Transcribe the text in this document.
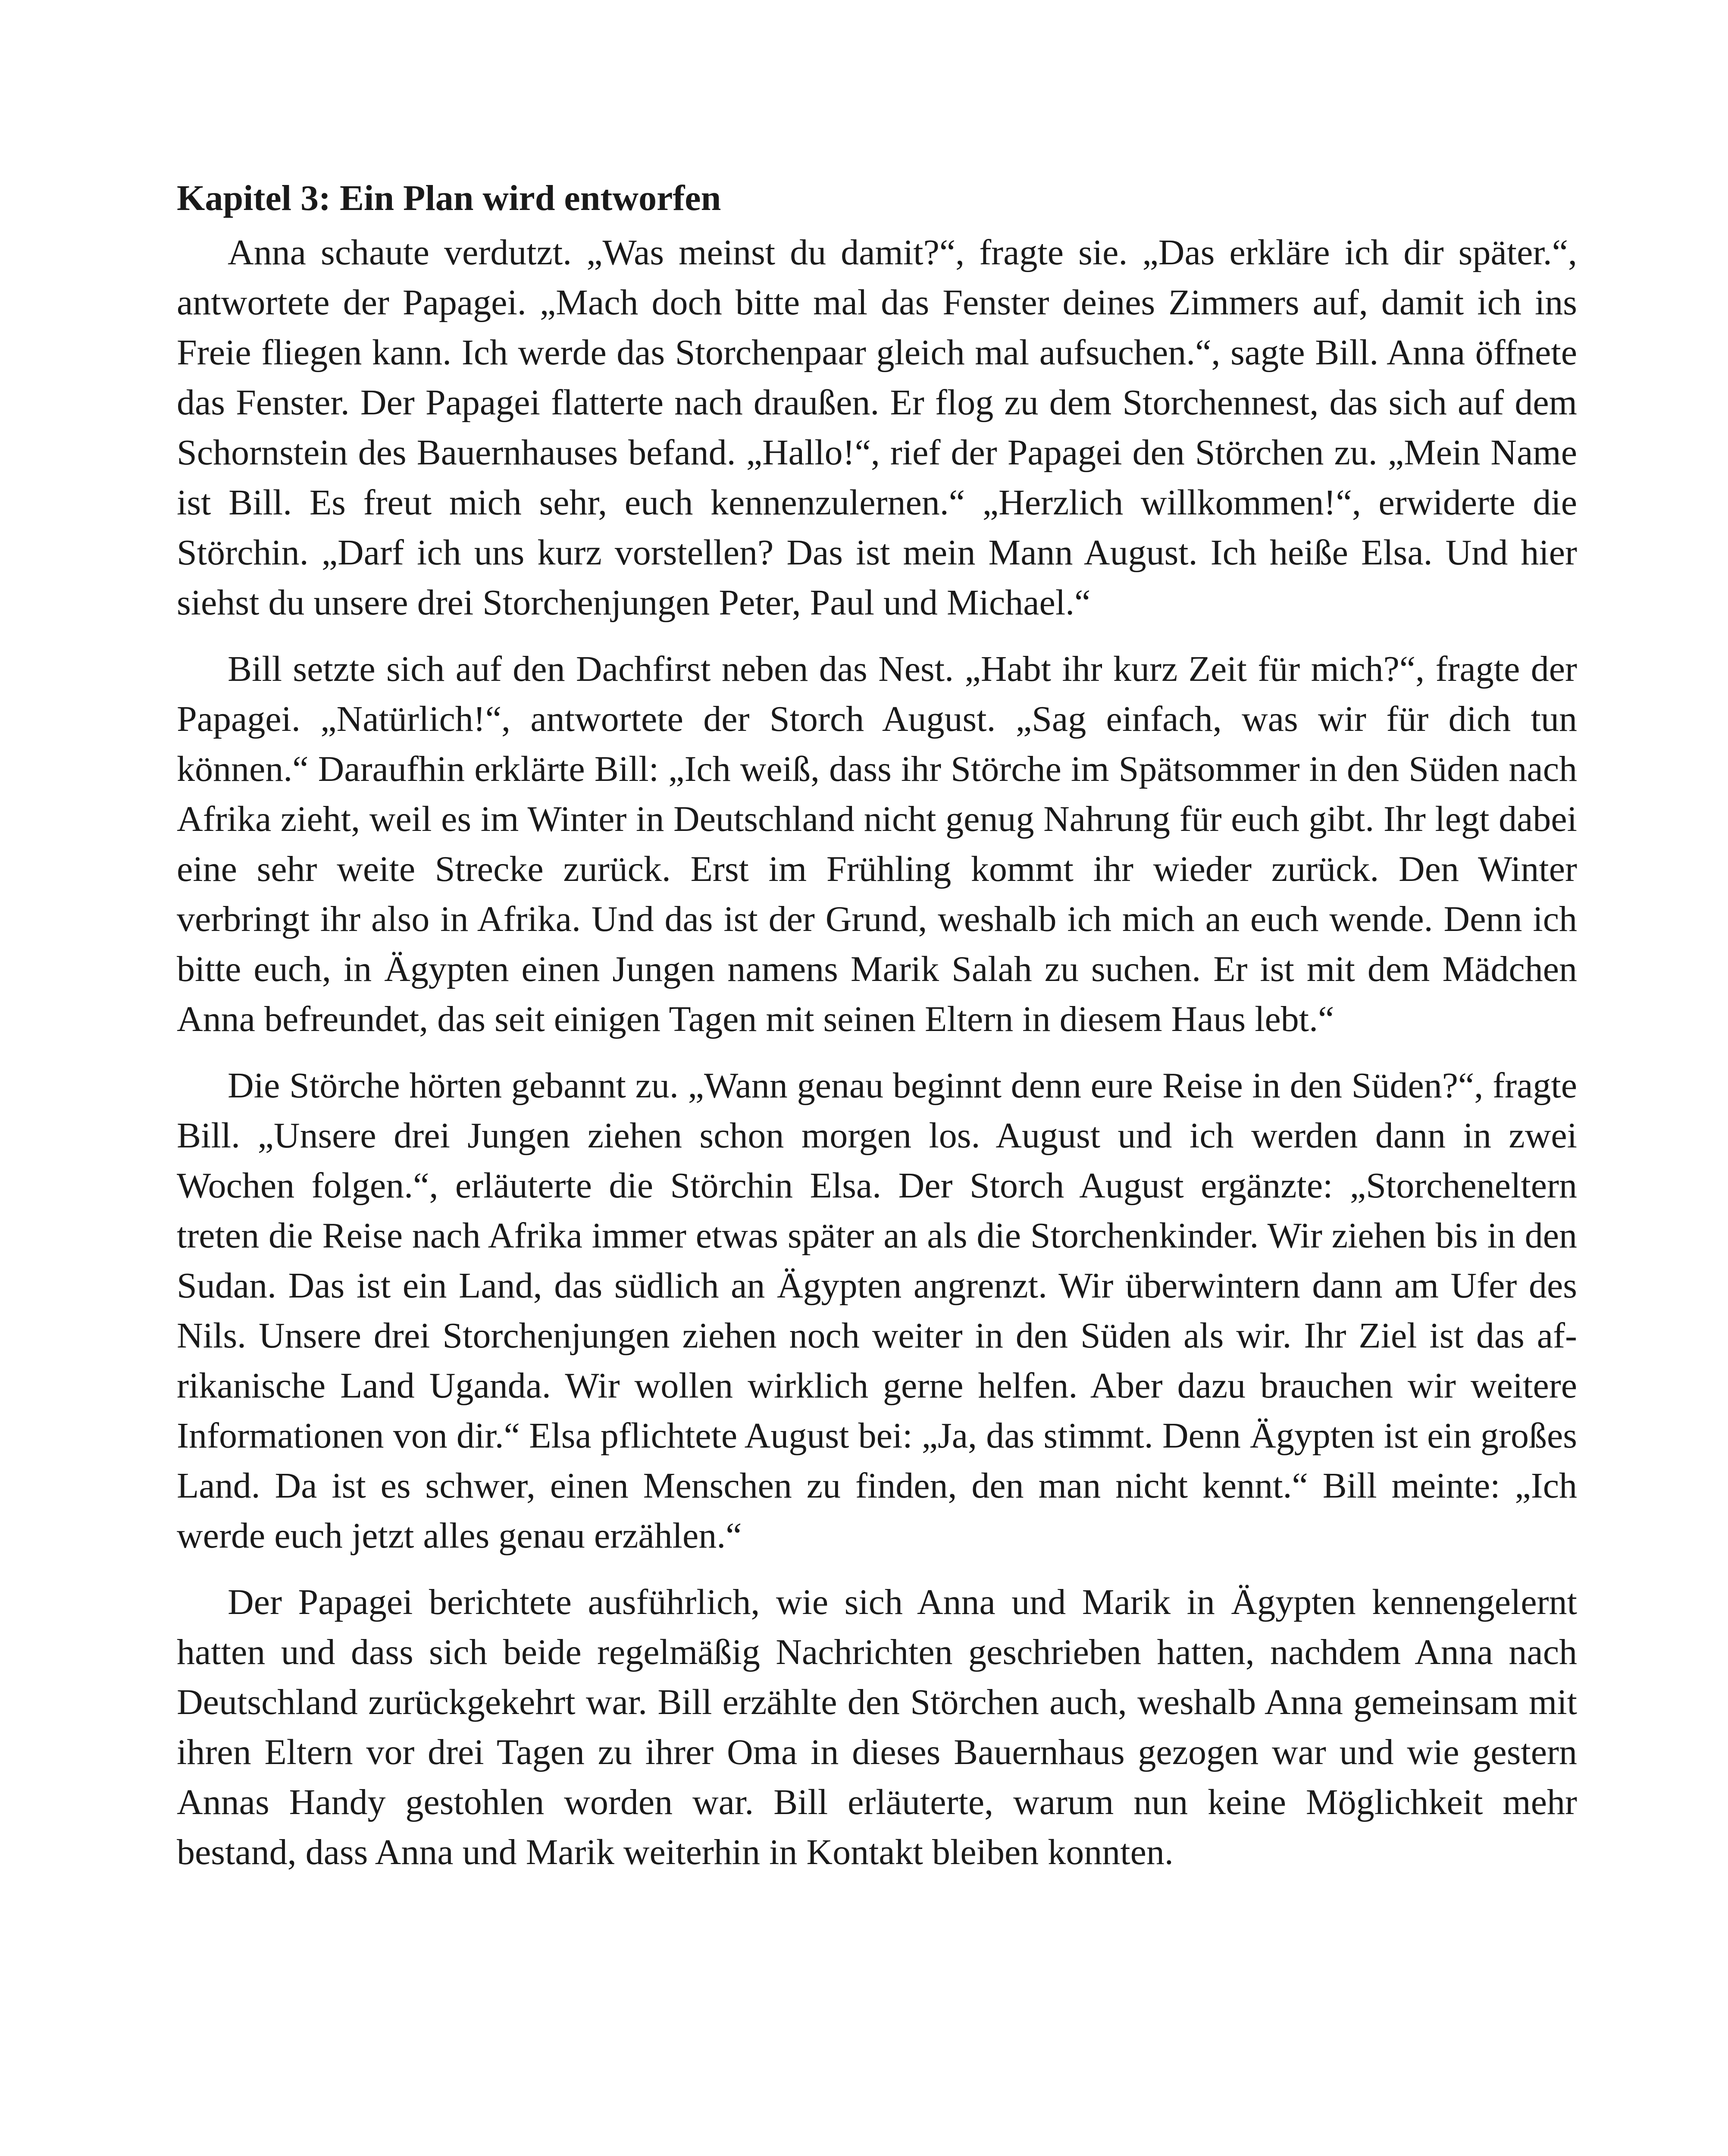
Kapitel 3: Ein Plan wird entworfen

Anna schaute verdutzt. „Was meinst du damit?“, fragte sie. „Das erkläre ich dir später.“, antwortete der Papagei. „Mach doch bitte mal das Fenster deines Zimmers auf, damit ich ins Freie fliegen kann. Ich werde das Storchenpaar gleich mal aufsuchen.“, sagte Bill. Anna öffnete das Fenster. Der Papagei flatterte nach draußen. Er flog zu dem Storchennest, das sich auf dem Schornstein des Bauernhauses befand. „Hallo!“, rief der Papagei den Störchen zu. „Mein Name ist Bill. Es freut mich sehr, euch kennenzulernen.“ „Herzlich willkommen!“, erwiderte die Störchin. „Darf ich uns kurz vorstellen? Das ist mein Mann August. Ich heiße Elsa. Und hier siehst du unsere drei Storchenjungen Peter, Paul und Michael.“

Bill setzte sich auf den Dachfirst neben das Nest. „Habt ihr kurz Zeit für mich?“, fragte der Papagei. „Natürlich!“, antwortete der Storch August. „Sag einfach, was wir für dich tun können.“ Daraufhin erklärte Bill: „Ich weiß, dass ihr Störche im Spätsommer in den Süden nach Afrika zieht, weil es im Winter in Deutschland nicht genug Nahrung für euch gibt. Ihr legt dabei eine sehr weite Strecke zurück. Erst im Frühling kommt ihr wieder zurück. Den Winter verbringt ihr also in Afrika. Und das ist der Grund, weshalb ich mich an euch wende. Denn ich bitte euch, in Ägypten einen Jungen namens Marik Salah zu suchen. Er ist mit dem Mädchen Anna befreundet, das seit einigen Tagen mit seinen Eltern in diesem Haus lebt.“

Die Störche hörten gebannt zu. „Wann genau beginnt denn eure Reise in den Süden?“, fragte Bill. „Unsere drei Jungen ziehen schon morgen los. August und ich werden dann in zwei Wochen folgen.“, erläuterte die Störchin Elsa. Der Storch August ergänzte: „Storcheneltern treten die Reise nach Afrika immer etwas später an als die Storchenkinder. Wir ziehen bis in den Sudan. Das ist ein Land, das südlich an Ägypten angrenzt. Wir überwintern dann am Ufer des Nils. Unsere drei Storchenjungen ziehen noch weiter in den Süden als wir. Ihr Ziel ist das afrikanische Land Uganda. Wir wollen wirklich gerne helfen. Aber dazu brauchen wir weitere Informationen von dir.“ Elsa pflichtete August bei: „Ja, das stimmt. Denn Ägypten ist ein großes Land. Da ist es schwer, einen Menschen zu finden, den man nicht kennt.“ Bill meinte: „Ich werde euch jetzt alles genau erzählen.“

Der Papagei berichtete ausführlich, wie sich Anna und Marik in Ägypten kennengelernt hatten und dass sich beide regelmäßig Nachrichten geschrieben hatten, nachdem Anna nach Deutschland zurückgekehrt war. Bill erzählte den Störchen auch, weshalb Anna gemeinsam mit ihren Eltern vor drei Tagen zu ihrer Oma in dieses Bauernhaus gezogen war und wie gestern Annas Handy gestohlen worden war. Bill erläuterte, warum nun keine Möglichkeit mehr bestand, dass Anna und Marik weiterhin in Kontakt bleiben konnten.
